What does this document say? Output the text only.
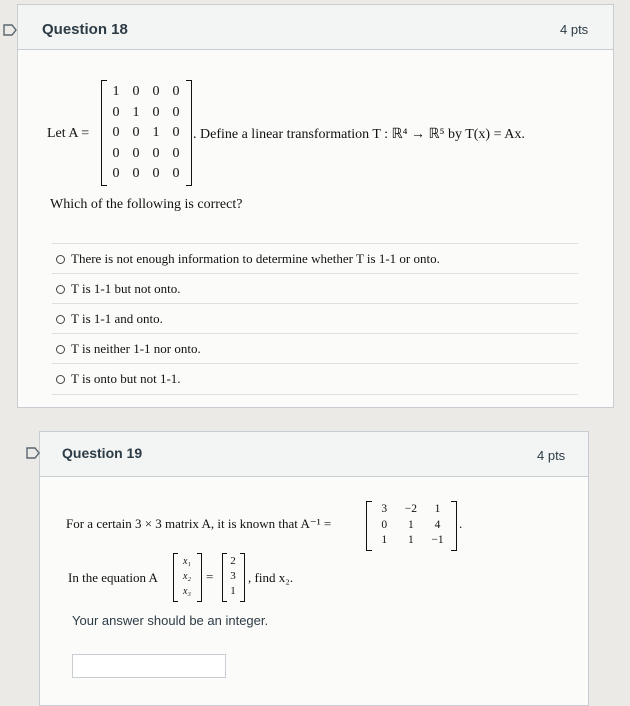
Question 18	4 pts
Let A =
1 0 0 0
0 1 0 0
0 0 1 0
0 0 0 0
0 0 0 0
. Define a linear transformation T : ℝ⁴ → ℝ⁵ by T(x) = Ax.
Which of the following is correct?
There is not enough information to determine whether T is 1-1 or onto.
T is 1-1 but not onto.
T is 1-1 and onto.
T is neither 1-1 nor onto.
T is onto but not 1-1.
Question 19	4 pts
For a certain 3 × 3 matrix A, it is known that A⁻¹ =
3	−2	1
0	1	4
1	1	−1
.
In the equation A
x₁
x₂
x₃
=
2
3
1
, find x₂.
Your answer should be an integer.
